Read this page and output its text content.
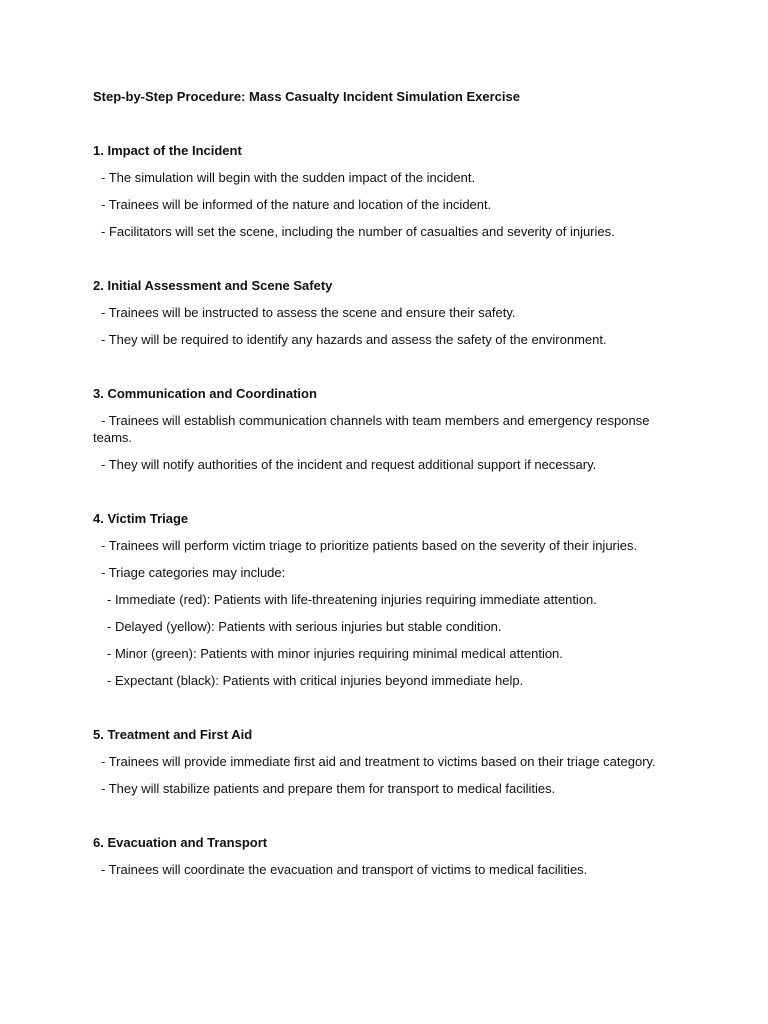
Step-by-Step Procedure: Mass Casualty Incident Simulation Exercise
1. Impact of the Incident
- The simulation will begin with the sudden impact of the incident.
- Trainees will be informed of the nature and location of the incident.
- Facilitators will set the scene, including the number of casualties and severity of injuries.
2. Initial Assessment and Scene Safety
- Trainees will be instructed to assess the scene and ensure their safety.
- They will be required to identify any hazards and assess the safety of the environment.
3. Communication and Coordination
- Trainees will establish communication channels with team members and emergency response teams.
- They will notify authorities of the incident and request additional support if necessary.
4. Victim Triage
- Trainees will perform victim triage to prioritize patients based on the severity of their injuries.
- Triage categories may include:
- Immediate (red): Patients with life-threatening injuries requiring immediate attention.
- Delayed (yellow): Patients with serious injuries but stable condition.
- Minor (green): Patients with minor injuries requiring minimal medical attention.
- Expectant (black): Patients with critical injuries beyond immediate help.
5. Treatment and First Aid
- Trainees will provide immediate first aid and treatment to victims based on their triage category.
- They will stabilize patients and prepare them for transport to medical facilities.
6. Evacuation and Transport
- Trainees will coordinate the evacuation and transport of victims to medical facilities.
